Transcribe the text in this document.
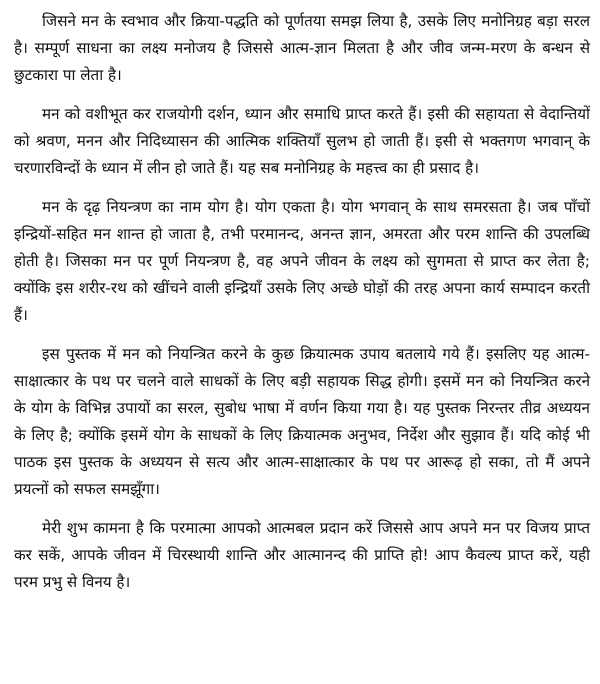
जिसने मन के स्वभाव और क्रिया-पद्धति को पूर्णतया समझ लिया है, उसके लिए मनोनिग्रह बड़ा सरल है। सम्पूर्ण साधना का लक्ष्य मनोजय है जिससे आत्म-ज्ञान मिलता है और जीव जन्म-मरण के बन्धन से छुटकारा पा लेता है।

मन को वशीभूत कर राजयोगी दर्शन, ध्यान और समाधि प्राप्त करते हैं। इसी की सहायता से वेदान्तियों को श्रवण, मनन और निदिध्यासन की आत्मिक शक्तियाँ सुलभ हो जाती हैं। इसी से भक्तगण भगवान् के चरणारविन्दों के ध्यान में लीन हो जाते हैं। यह सब मनोनिग्रह के महत्त्व का ही प्रसाद है।

मन के दृढ़ नियन्त्रण का नाम योग है। योग एकता है। योग भगवान् के साथ समरसता है। जब पाँचों इन्द्रियों-सहित मन शान्त हो जाता है, तभी परमानन्द, अनन्त ज्ञान, अमरता और परम शान्ति की उपलब्धि होती है। जिसका मन पर पूर्ण नियन्त्रण है, वह अपने जीवन के लक्ष्य को सुगमता से प्राप्त कर लेता है; क्योंकि इस शरीर-रथ को खींचने वाली इन्द्रियाँ उसके लिए अच्छे घोड़ों की तरह अपना कार्य सम्पादन करती हैं।

इस पुस्तक में मन को नियन्त्रित करने के कुछ क्रियात्मक उपाय बतलाये गये हैं। इसलिए यह आत्म-साक्षात्कार के पथ पर चलने वाले साधकों के लिए बड़ी सहायक सिद्ध होगी। इसमें मन को नियन्त्रित करने के योग के विभिन्न उपायों का सरल, सुबोध भाषा में वर्णन किया गया है। यह पुस्तक निरन्तर तीव्र अध्ययन के लिए है; क्योंकि इसमें योग के साधकों के लिए क्रियात्मक अनुभव, निर्देश और सुझाव हैं। यदि कोई भी पाठक इस पुस्तक के अध्ययन से सत्य और आत्म-साक्षात्कार के पथ पर आरूढ़ हो सका, तो मैं अपने प्रयत्नों को सफल समझूँगा।

मेरी शुभ कामना है कि परमात्मा आपको आत्मबल प्रदान करें जिससे आप अपने मन पर विजय प्राप्त कर सकें, आपके जीवन में चिरस्थायी शान्ति और आत्मानन्द की प्राप्ति हो! आप कैवल्य प्राप्त करें, यही परम प्रभु से विनय है।
